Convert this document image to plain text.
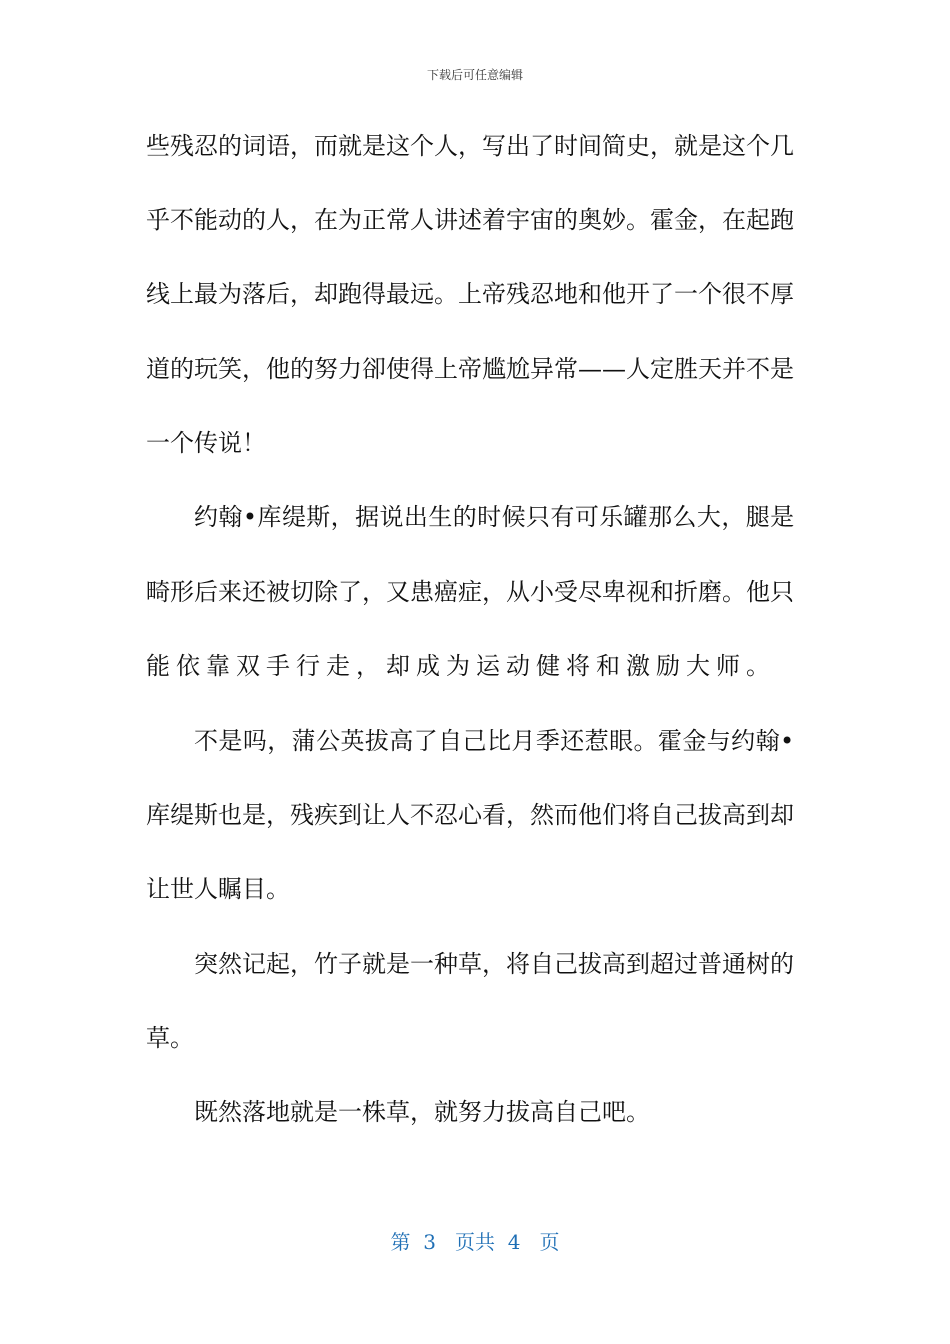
下载后可任意编辑
些残忍的词语，而就是这个人，写出了时间简史，就是这个几
乎不能动的人，在为正常人讲述着宇宙的奥妙。霍金，在起跑
线上最为落后，却跑得最远。上帝残忍地和他开了一个很不厚
道的玩笑，他的努力卻使得上帝尴尬异常——人定胜天并不是
一个传说！
约翰•库缇斯，据说出生的时候只有可乐罐那么大，腿是
畸形后来还被切除了，又患癌症，从小受尽卑视和折磨。他只
能依靠双手行走，却成为运动健将和激励大师。
不是吗，蒲公英拔高了自己比月季还惹眼。霍金与约翰•
库缇斯也是，残疾到让人不忍心看，然而他们将自己拔高到却
让世人瞩目。
突然记起，竹子就是一种草，将自己拔高到超过普通树的
草。
既然落地就是一株草，就努力拔高自己吧。
第  3   页共  4   页
